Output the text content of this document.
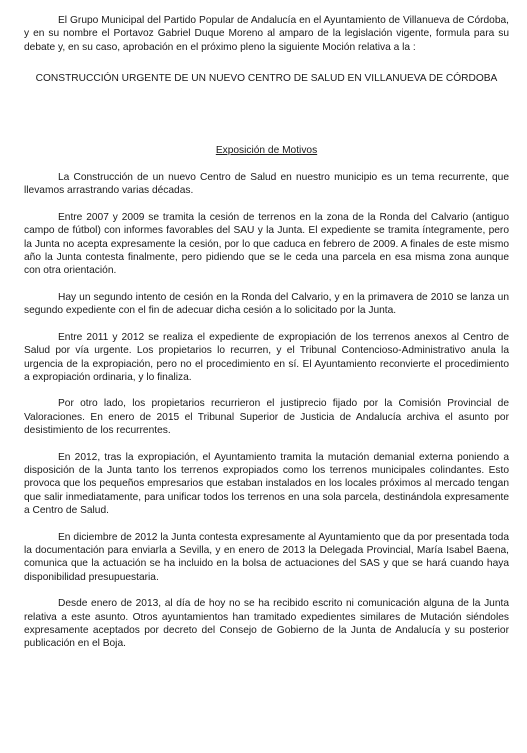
El Grupo Municipal del Partido Popular de Andalucía en el Ayuntamiento de Villanueva de Córdoba, y en su nombre el Portavoz Gabriel Duque Moreno al amparo de la legislación vigente, formula para su debate y, en su caso, aprobación en el próximo pleno la siguiente Moción relativa a la :

CONSTRUCCIÓN URGENTE DE UN NUEVO CENTRO DE SALUD EN VILLANUEVA DE CÓRDOBA

Exposición de Motivos

La Construcción de un nuevo Centro de Salud en nuestro municipio es un tema recurrente, que llevamos arrastrando varias décadas.

Entre 2007 y 2009 se tramita la cesión de terrenos en la zona de la Ronda del Calvario (antiguo campo de fútbol) con informes favorables del SAU y la Junta. El expediente se tramita íntegramente, pero la Junta no acepta expresamente la cesión, por lo que caduca en febrero de 2009. A finales de este mismo año la Junta contesta finalmente, pero pidiendo que se le ceda una parcela en esa misma zona aunque con otra orientación.

Hay un segundo intento de cesión en la Ronda del Calvario, y en la primavera de 2010 se lanza un segundo expediente con el fin de adecuar dicha cesión a lo solicitado por la Junta.

Entre 2011 y 2012 se realiza el expediente de expropiación de los terrenos anexos al Centro de Salud por vía urgente. Los propietarios lo recurren, y el Tribunal Contencioso-Administrativo anula la urgencia de la expropiación, pero no el procedimiento en sí. El Ayuntamiento reconvierte el procedimiento a expropiación ordinaria, y lo finaliza.

Por otro lado, los propietarios recurrieron el justiprecio fijado por la Comisión Provincial de Valoraciones. En enero de 2015 el Tribunal Superior de Justicia de Andalucía archiva el asunto por desistimiento de los recurrentes.

En 2012, tras la expropiación, el Ayuntamiento tramita la mutación demanial externa poniendo a disposición de la Junta tanto los terrenos expropiados como los terrenos municipales colindantes. Esto provoca que los pequeños empresarios que estaban instalados en los locales próximos al mercado tengan que salir inmediatamente, para unificar todos los terrenos en una sola parcela, destinándola expresamente a Centro de Salud.

En diciembre de 2012 la Junta contesta expresamente al Ayuntamiento que da por presentada toda la documentación para enviarla a Sevilla, y en enero de 2013 la Delegada Provincial, María Isabel Baena, comunica que la actuación se ha incluido en la bolsa de actuaciones del SAS y que se hará cuando haya disponibilidad presupuestaria.

Desde enero de 2013, al día de hoy no se ha recibido escrito ni comunicación alguna de la Junta relativa a este asunto. Otros ayuntamientos han tramitado expedientes similares de Mutación siéndoles expresamente aceptados por decreto del Consejo de Gobierno de la Junta de Andalucía y su posterior publicación en el Boja.
